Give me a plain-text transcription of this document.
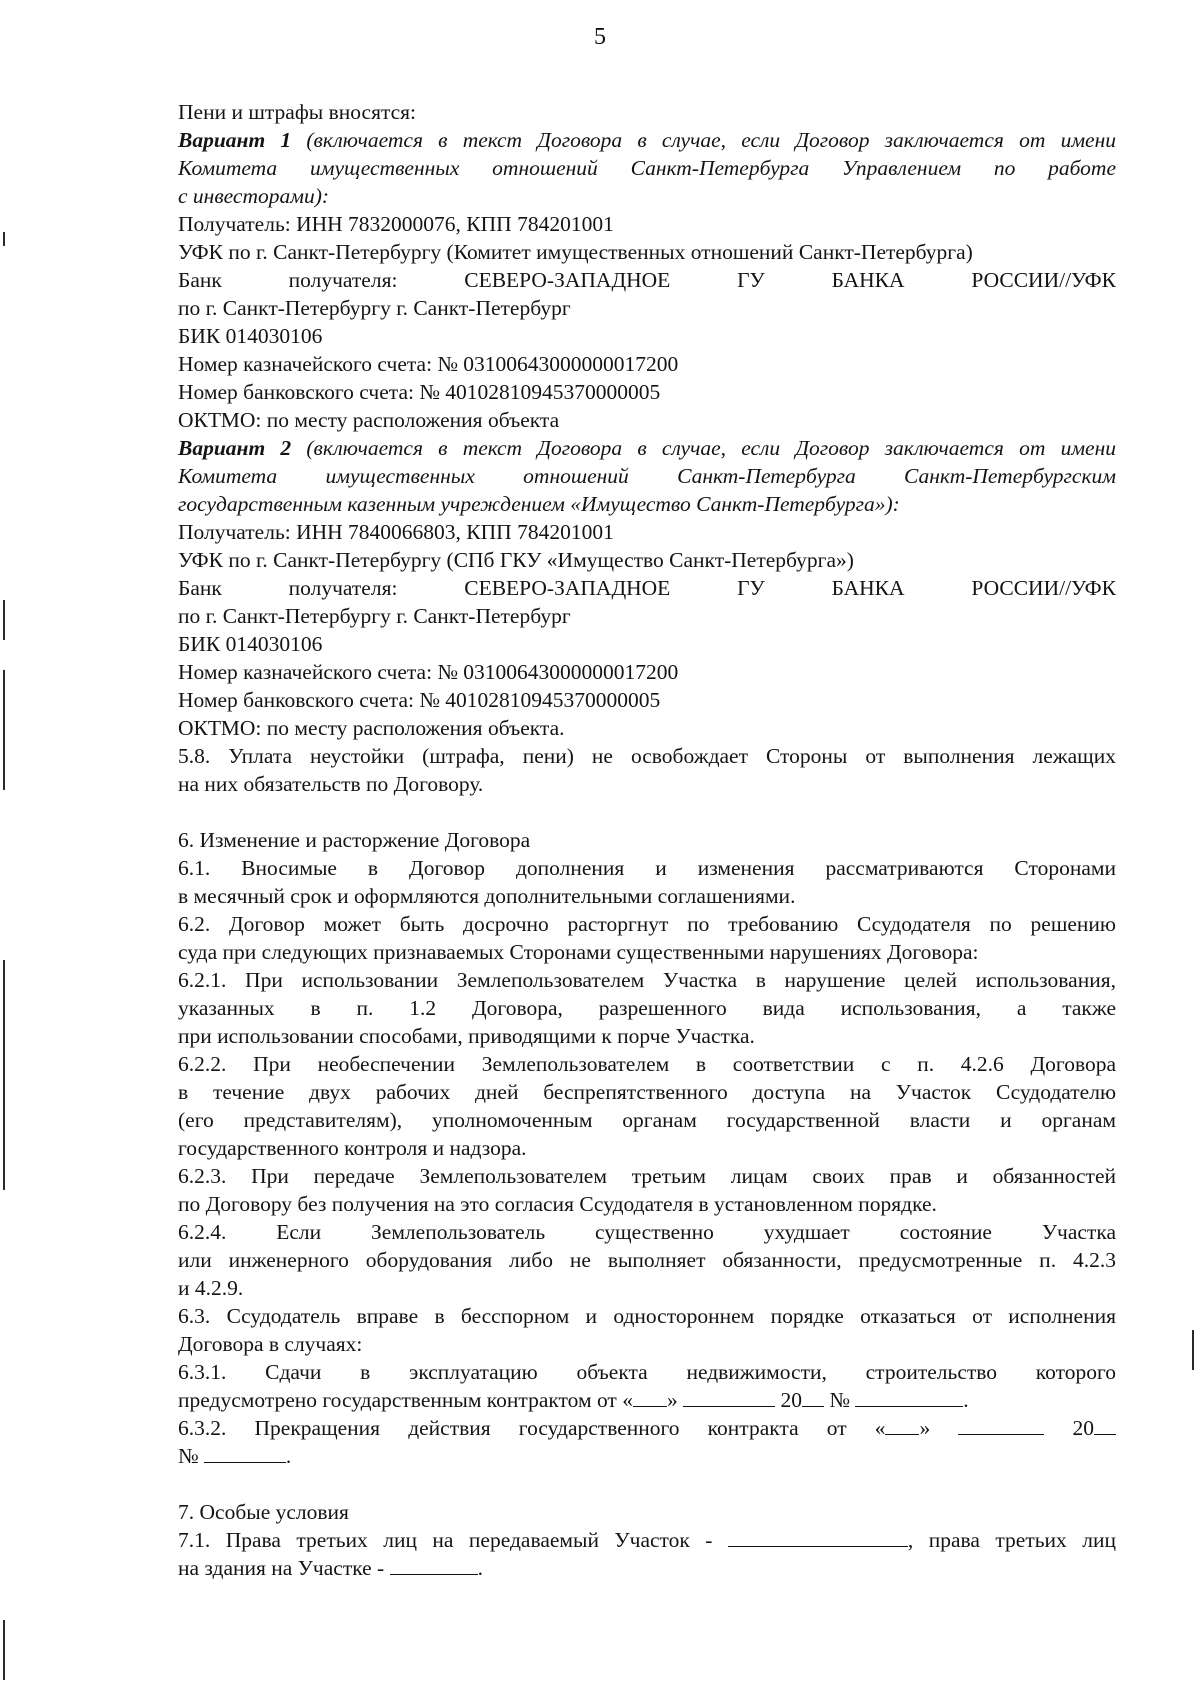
5
Пени и штрафы вносятся:
Вариант 1 (включается в текст Договора в случае, если Договор заключается от имени
Комитета имущественных отношений Санкт-Петербурга Управлением по работе
с инвесторами):
Получатель: ИНН 7832000076, КПП 784201001
УФК по г. Санкт-Петербургу (Комитет имущественных отношений Санкт-Петербурга)
Банк получателя: СЕВЕРО-ЗАПАДНОЕ ГУ БАНКА РОССИИ//УФК
по г. Санкт-Петербургу г. Санкт-Петербург
БИК 014030106
Номер казначейского счета: № 03100643000000017200
Номер банковского счета: № 40102810945370000005
ОКТМО: по месту расположения объекта
Вариант 2 (включается в текст Договора в случае, если Договор заключается от имени
Комитета имущественных отношений Санкт-Петербурга Санкт-Петербургским
государственным казенным учреждением «Имущество Санкт-Петербурга»):
Получатель: ИНН 7840066803, КПП 784201001
УФК по г. Санкт-Петербургу (СПб ГКУ «Имущество Санкт-Петербурга»)
Банк получателя: СЕВЕРО-ЗАПАДНОЕ ГУ БАНКА РОССИИ//УФК
по г. Санкт-Петербургу г. Санкт-Петербург
БИК 014030106
Номер казначейского счета: № 03100643000000017200
Номер банковского счета: № 40102810945370000005
ОКТМО: по месту расположения объекта.
5.8. Уплата неустойки (штрафа, пени) не освобождает Стороны от выполнения лежащих
на них обязательств по Договору.
6. Изменение и расторжение Договора
6.1. Вносимые в Договор дополнения и изменения рассматриваются Сторонами
в месячный срок и оформляются дополнительными соглашениями.
6.2. Договор может быть досрочно расторгнут по требованию Ссудодателя по решению
суда при следующих признаваемых Сторонами существенными нарушениях Договора:
6.2.1. При использовании Землепользователем Участка в нарушение целей использования,
указанных в п. 1.2 Договора, разрешенного вида использования, а также
при использовании способами, приводящими к порче Участка.
6.2.2. При необеспечении Землепользователем в соответствии с п. 4.2.6 Договора
в течение двух рабочих дней беспрепятственного доступа на Участок Ссудодателю
(его представителям), уполномоченным органам государственной власти и органам
государственного контроля и надзора.
6.2.3. При передаче Землепользователем третьим лицам своих прав и обязанностей
по Договору без получения на это согласия Ссудодателя в установленном порядке.
6.2.4. Если Землепользователь существенно ухудшает состояние Участка
или инженерного оборудования либо не выполняет обязанности, предусмотренные п. 4.2.3
и 4.2.9.
6.3. Ссудодатель вправе в бесспорном и одностороннем порядке отказаться от исполнения
Договора в случаях:
6.3.1. Сдачи в эксплуатацию объекта недвижимости, строительство которого
предусмотрено государственным контрактом от « »	20 №	.
6.3.2. Прекращения действия государственного контракта от « »	20
№	.
7. Особые условия
7.1. Права третьих лиц на передаваемый Участок -	, права третьих лиц
на здания на Участке -	.
